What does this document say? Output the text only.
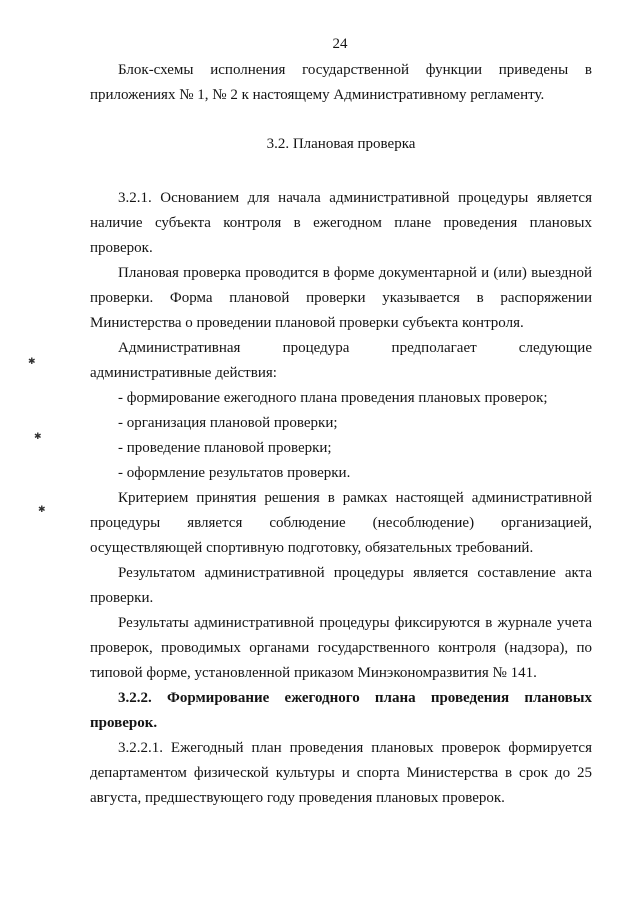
24

Блок-схемы исполнения государственной функции приведены в приложениях № 1, № 2 к настоящему Административному регламенту.

3.2. Плановая проверка

3.2.1. Основанием для начала административной процедуры является наличие субъекта контроля в ежегодном плане проведения плановых проверок.

Плановая проверка проводится в форме документарной и (или) выездной проверки. Форма плановой проверки указывается в распоряжении Министерства о проведении плановой проверки субъекта контроля.

Административная процедура предполагает следующие административные действия:

- формирование ежегодного плана проведения плановых проверок;

- организация плановой проверки;

- проведение плановой проверки;

- оформление результатов проверки.

Критерием принятия решения в рамках настоящей административной процедуры является соблюдение (несоблюдение) организацией, осуществляющей спортивную подготовку, обязательных требований.

Результатом административной процедуры является составление акта проверки.

Результаты административной процедуры фиксируются в журнале учета проверок, проводимых органами государственного контроля (надзора), по типовой форме, установленной приказом Минэкономразвития № 141.

3.2.2. Формирование ежегодного плана проведения плановых проверок.

3.2.2.1. Ежегодный план проведения плановых проверок формируется департаментом физической культуры и спорта Министерства в срок до 25 августа, предшествующего году проведения плановых проверок.

✱
✱
✱
